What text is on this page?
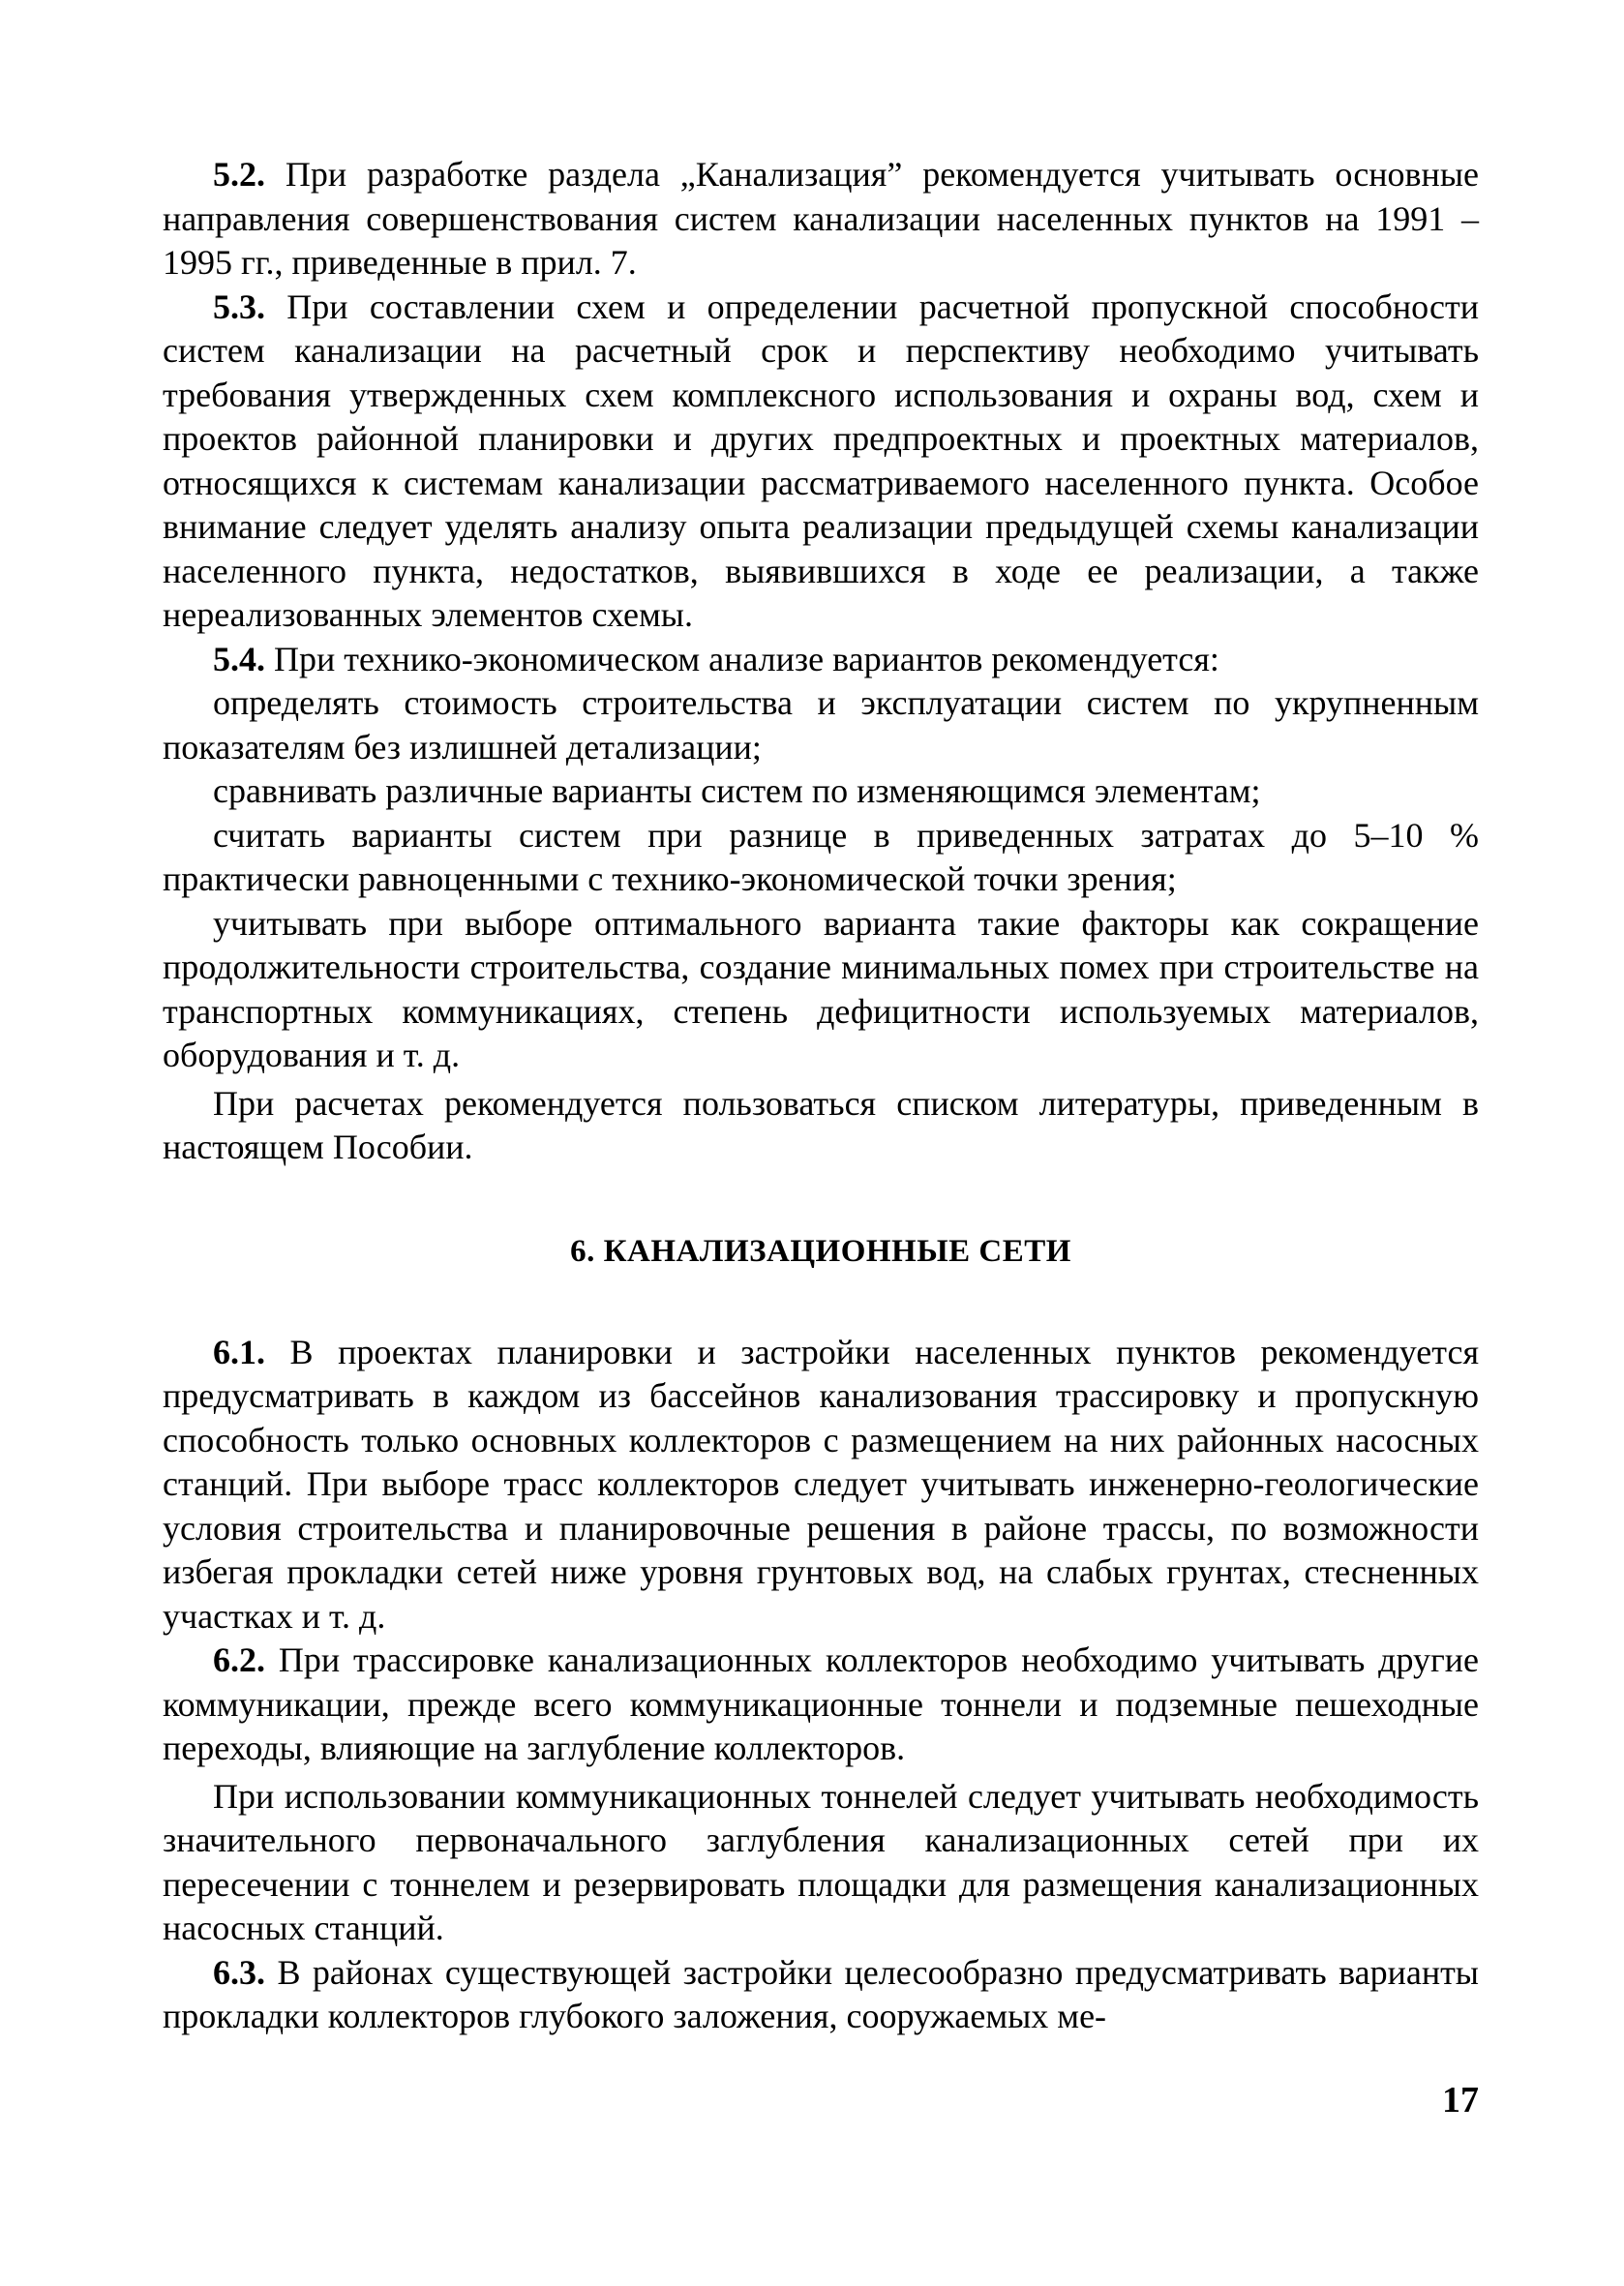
5.2. При разработке раздела „Канализация” рекомендуется учитывать основные направления совершенствования систем канализации населенных пунктов на 1991 – 1995 гг., приведенные в прил. 7.

5.3. При составлении схем и определении расчетной пропускной способности систем канализации на расчетный срок и перспективу необходимо учитывать требования утвержденных схем комплексного использования и охраны вод, схем и проектов районной планировки и других предпроектных и проектных материалов, относящихся к системам канализации рассматриваемого населенного пункта. Особое внимание следует уделять анализу опыта реализации предыдущей схемы канализации населенного пункта, недостатков, выявившихся в ходе ее реализации, а также нереализованных элементов схемы.

5.4. При технико-экономическом анализе вариантов рекомендуется:

определять стоимость строительства и эксплуатации систем по укрупненным показателям без излишней детализации;

сравнивать различные варианты систем по изменяющимся элементам;

считать варианты систем при разнице в приведенных затратах до 5–10 % практически равноценными с технико-экономической точки зрения;

учитывать при выборе оптимального варианта такие факторы как сокращение продолжительности строительства, создание минимальных помех при строительстве на транспортных коммуникациях, степень дефицитности используемых материалов, оборудования и т. д.

При расчетах рекомендуется пользоваться списком литературы, приведенным в настоящем Пособии.

6. КАНАЛИЗАЦИОННЫЕ СЕТИ

6.1. В проектах планировки и застройки населенных пунктов рекомендуется предусматривать в каждом из бассейнов канализования трассировку и пропускную способность только основных коллекторов с размещением на них районных насосных станций. При выборе трасс коллекторов следует учитывать инженерно-геологические условия строительства и планировочные решения в районе трассы, по возможности избегая прокладки сетей ниже уровня грунтовых вод, на слабых грунтах, стесненных участках и т. д.

6.2. При трассировке канализационных коллекторов необходимо учитывать другие коммуникации, прежде всего коммуникационные тоннели и подземные пешеходные переходы, влияющие на заглубление коллекторов.

При использовании коммуникационных тоннелей следует учитывать необходимость значительного первоначального заглубления канализационных сетей при их пересечении с тоннелем и резервировать площадки для размещения канализационных насосных станций.

6.3. В районах существующей застройки целесообразно предусматривать варианты прокладки коллекторов глубокого заложения, сооружаемых ме-

17
